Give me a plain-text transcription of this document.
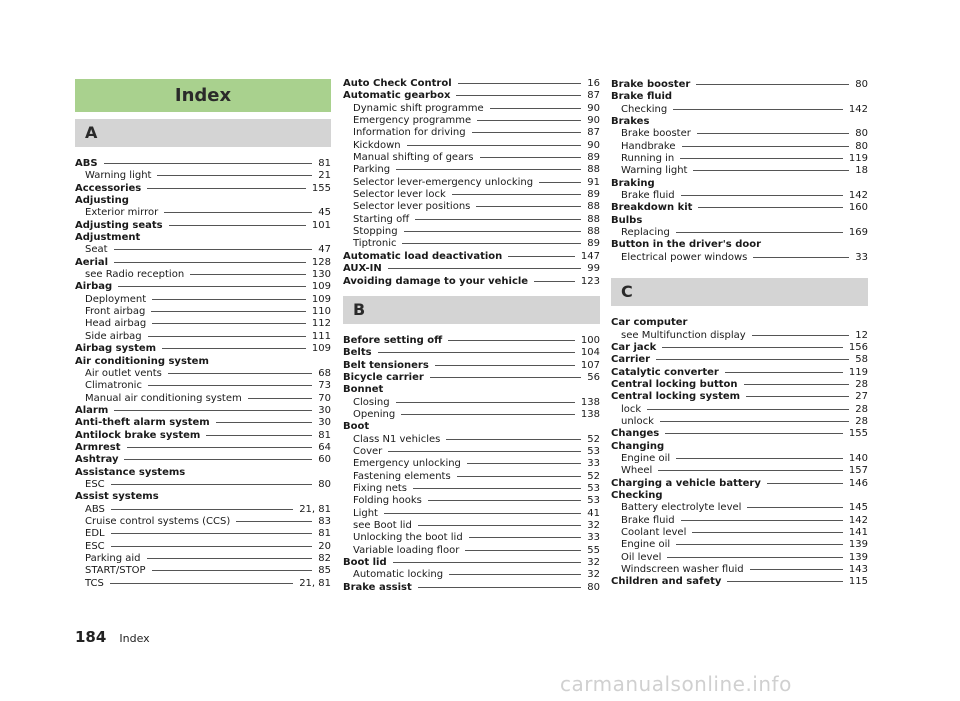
Index
A
ABS	81
Warning light	21
Accessories	155
Adjusting
Exterior mirror	45
Adjusting seats	101
Adjustment
Seat	47
Aerial	128
see Radio reception	130
Airbag	109
Deployment	109
Front airbag	110
Head airbag	112
Side airbag	111
Airbag system	109
Air conditioning system
Air outlet vents	68
Climatronic	73
Manual air conditioning system	70
Alarm	30
Anti-theft alarm system	30
Antilock brake system	81
Armrest	64
Ashtray	60
Assistance systems
ESC	80
Assist systems
ABS	21, 81
Cruise control systems (CCS)	83
EDL	81
ESC	20
Parking aid	82
START/STOP	85
TCS	21, 81
Auto Check Control	16
Automatic gearbox	87
Dynamic shift programme	90
Emergency programme	90
Information for driving	87
Kickdown	90
Manual shifting of gears	89
Parking	88
Selector lever-emergency unlocking	91
Selector lever lock	89
Selector lever positions	88
Starting off	88
Stopping	88
Tiptronic	89
Automatic load deactivation	147
AUX-IN	99
Avoiding damage to your vehicle	123
B
Before setting off	100
Belts	104
Belt tensioners	107
Bicycle carrier	56
Bonnet
Closing	138
Opening	138
Boot
Class N1 vehicles	52
Cover	53
Emergency unlocking	33
Fastening elements	52
Fixing nets	53
Folding hooks	53
Light	41
see Boot lid	32
Unlocking the boot lid	33
Variable loading floor	55
Boot lid	32
Automatic locking	32
Brake assist	80
Brake booster	80
Brake fluid
Checking	142
Brakes
Brake booster	80
Handbrake	80
Running in	119
Warning light	18
Braking
Brake fluid	142
Breakdown kit	160
Bulbs
Replacing	169
Button in the driver's door
Electrical power windows	33
C
Car computer
see Multifunction display	12
Car jack	156
Carrier	58
Catalytic converter	119
Central locking button	28
Central locking system	27
lock	28
unlock	28
Changes	155
Changing
Engine oil	140
Wheel	157
Charging a vehicle battery	146
Checking
Battery electrolyte level	145
Brake fluid	142
Coolant level	141
Engine oil	139
Oil level	139
Windscreen washer fluid	143
Children and safety	115
184 Index
carmanualsonline.info
